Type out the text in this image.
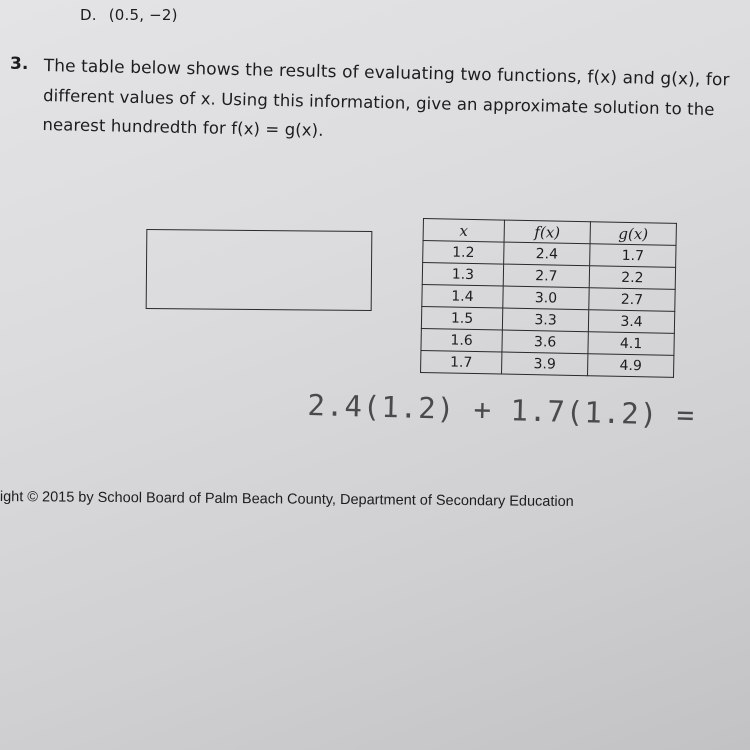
D. (0.5, −2)
3. The table below shows the results of evaluating two functions, f(x) and g(x), for
different values of x. Using this information, give an approximate solution to the
nearest hundredth for f(x) = g(x).
x	f(x)	g(x)
1.2	2.4	1.7
1.3	2.7	2.2
1.4	3.0	2.7
1.5	3.3	3.4
1.6	3.6	4.1
1.7	3.9	4.9
2.4(1.2) + 1.7(1.2) =
ight © 2015 by School Board of Palm Beach County, Department of Secondary Education
